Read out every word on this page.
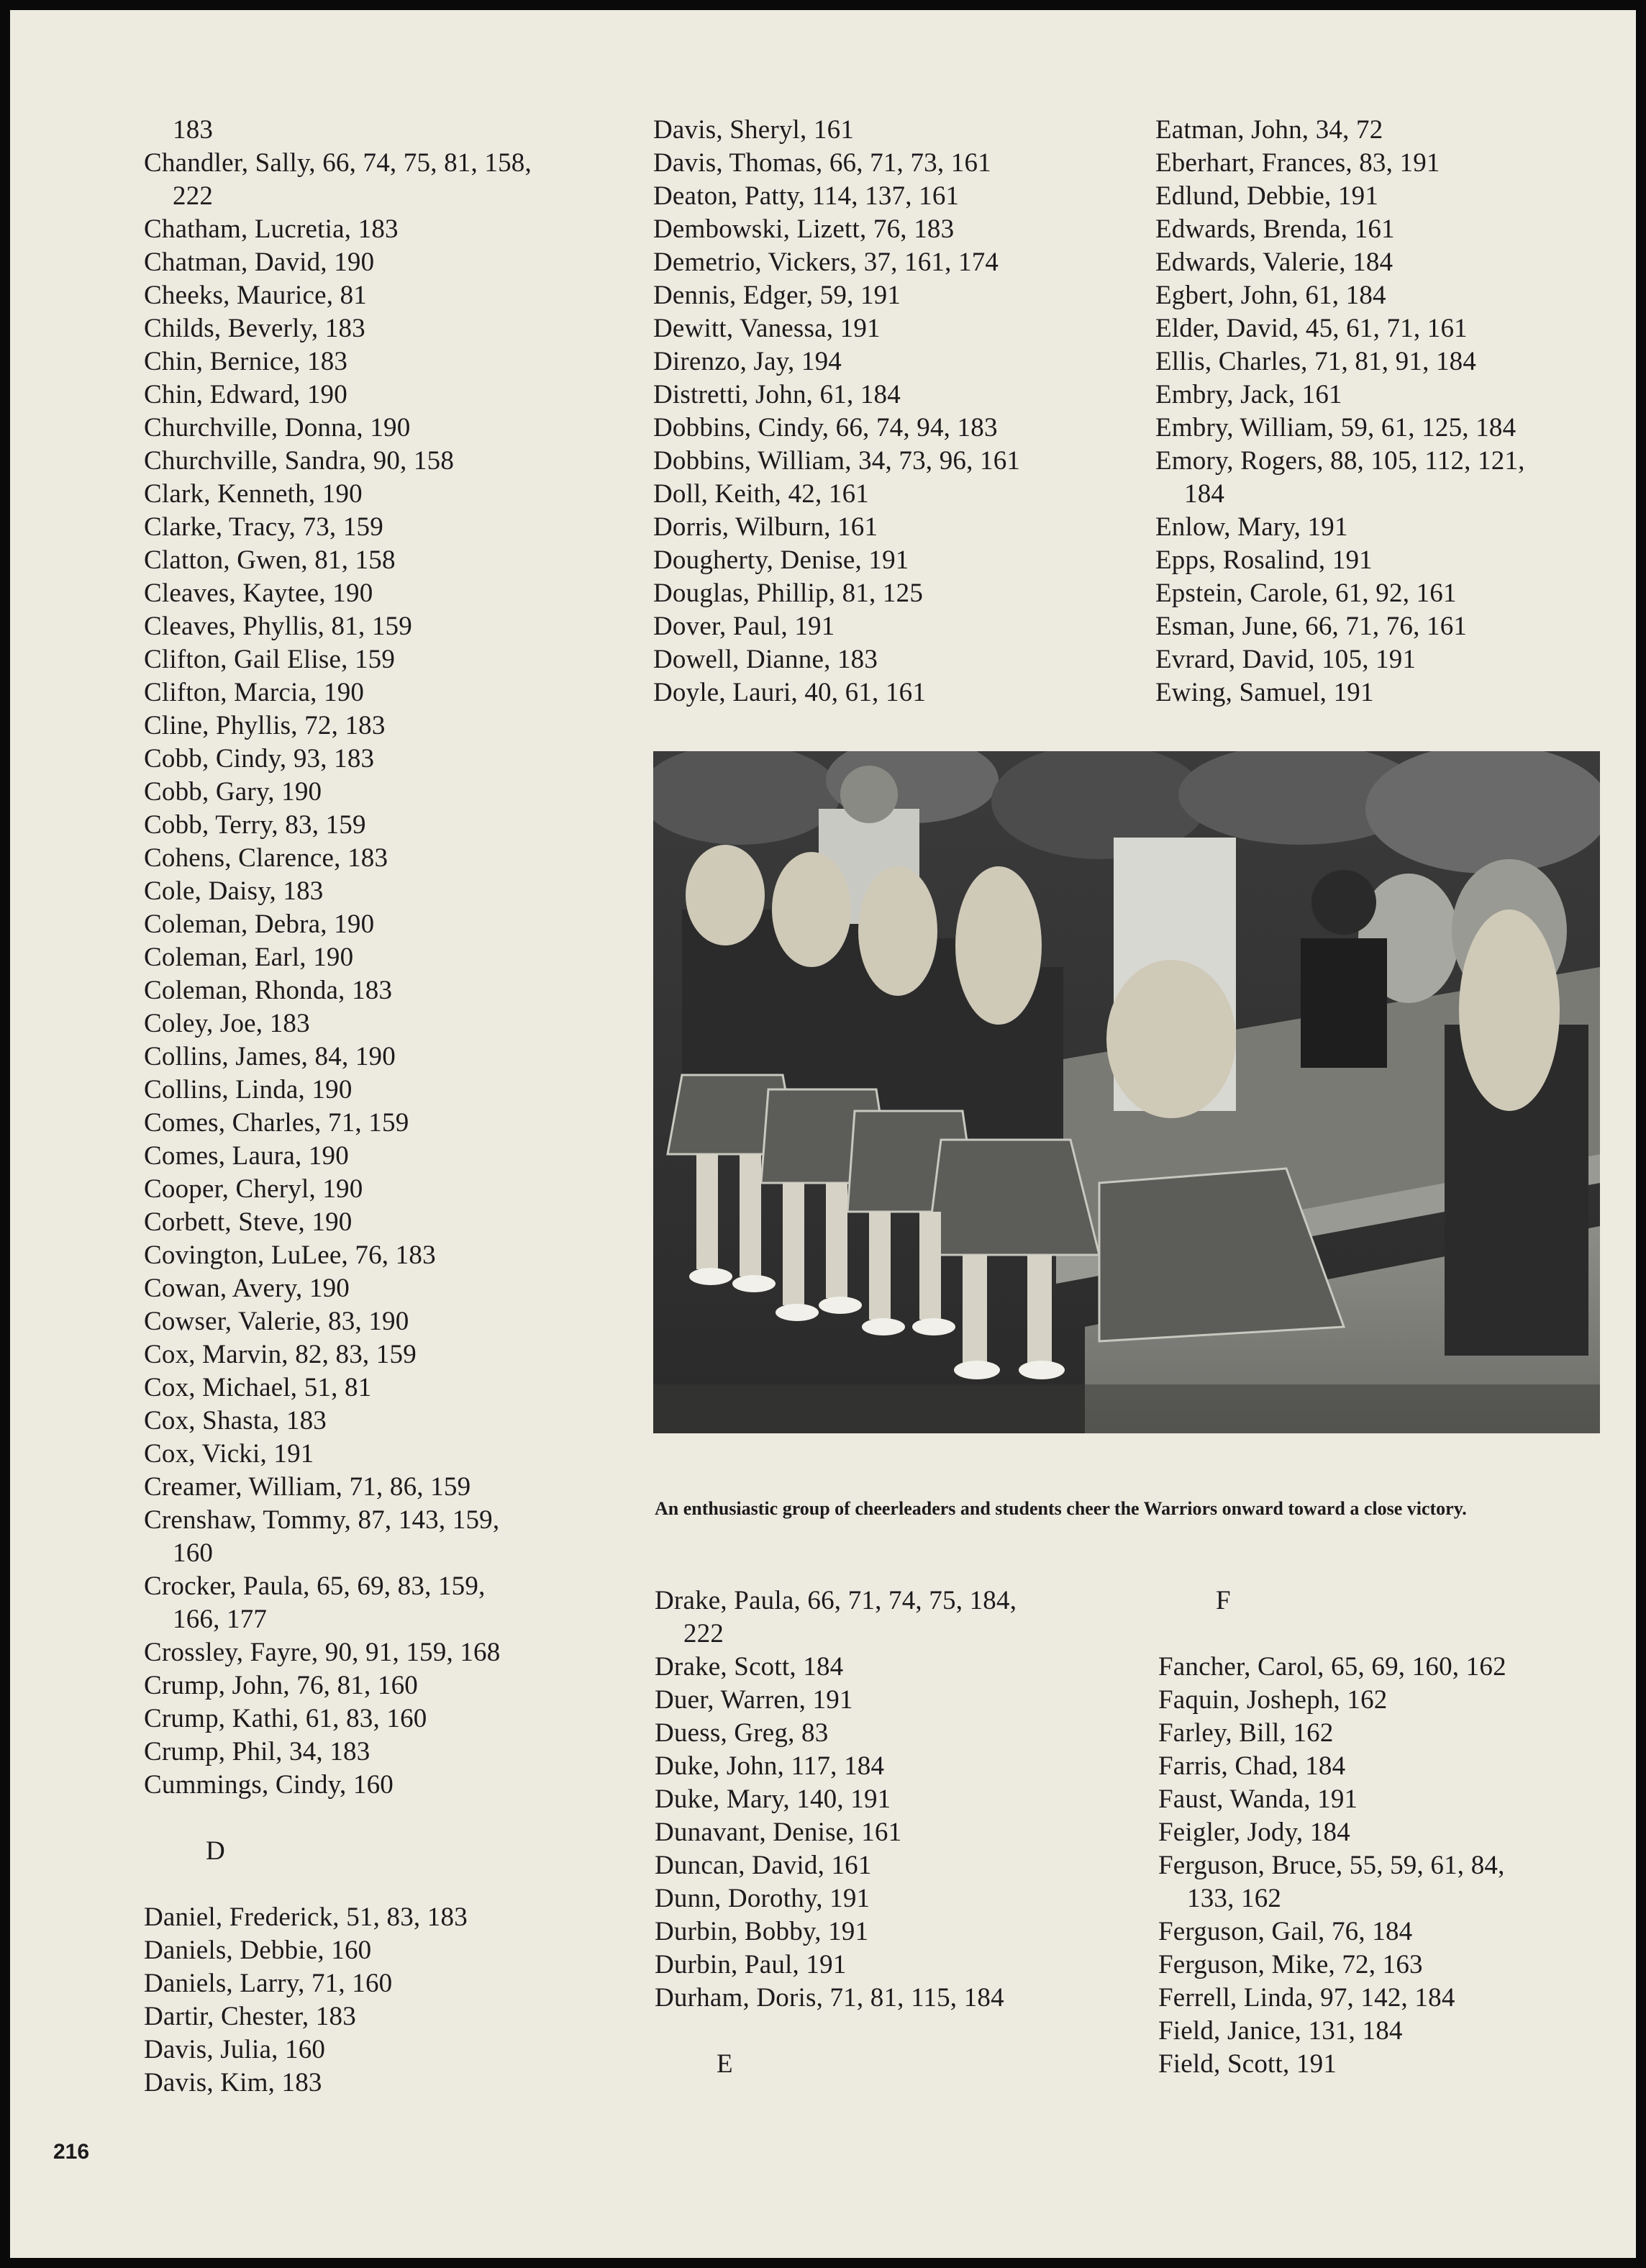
183
Chandler, Sally, 66, 74, 75, 81, 158,
222
Chatham, Lucretia, 183
Chatman, David, 190
Cheeks, Maurice, 81
Childs, Beverly, 183
Chin, Bernice, 183
Chin, Edward, 190
Churchville, Donna, 190
Churchville, Sandra, 90, 158
Clark, Kenneth, 190
Clarke, Tracy, 73, 159
Clatton, Gwen, 81, 158
Cleaves, Kaytee, 190
Cleaves, Phyllis, 81, 159
Clifton, Gail Elise, 159
Clifton, Marcia, 190
Cline, Phyllis, 72, 183
Cobb, Cindy, 93, 183
Cobb, Gary, 190
Cobb, Terry, 83, 159
Cohens, Clarence, 183
Cole, Daisy, 183
Coleman, Debra, 190
Coleman, Earl, 190
Coleman, Rhonda, 183
Coley, Joe, 183
Collins, James, 84, 190
Collins, Linda, 190
Comes, Charles, 71, 159
Comes, Laura, 190
Cooper, Cheryl, 190
Corbett, Steve, 190
Covington, LuLee, 76, 183
Cowan, Avery, 190
Cowser, Valerie, 83, 190
Cox, Marvin, 82, 83, 159
Cox, Michael, 51, 81
Cox, Shasta, 183
Cox, Vicki, 191
Creamer, William, 71, 86, 159
Crenshaw, Tommy, 87, 143, 159,
160
Crocker, Paula, 65, 69, 83, 159,
166, 177
Crossley, Fayre, 90, 91, 159, 168
Crump, John, 76, 81, 160
Crump, Kathi, 61, 83, 160
Crump, Phil, 34, 183
Cummings, Cindy, 160
D
Daniel, Frederick, 51, 83, 183
Daniels, Debbie, 160
Daniels, Larry, 71, 160
Dartir, Chester, 183
Davis, Julia, 160
Davis, Kim, 183
Davis, Sheryl, 161
Davis, Thomas, 66, 71, 73, 161
Deaton, Patty, 114, 137, 161
Dembowski, Lizett, 76, 183
Demetrio, Vickers, 37, 161, 174
Dennis, Edger, 59, 191
Dewitt, Vanessa, 191
Direnzo, Jay, 194
Distretti, John, 61, 184
Dobbins, Cindy, 66, 74, 94, 183
Dobbins, William, 34, 73, 96, 161
Doll, Keith, 42, 161
Dorris, Wilburn, 161
Dougherty, Denise, 191
Douglas, Phillip, 81, 125
Dover, Paul, 191
Dowell, Dianne, 183
Doyle, Lauri, 40, 61, 161
Eatman, John, 34, 72
Eberhart, Frances, 83, 191
Edlund, Debbie, 191
Edwards, Brenda, 161
Edwards, Valerie, 184
Egbert, John, 61, 184
Elder, David, 45, 61, 71, 161
Ellis, Charles, 71, 81, 91, 184
Embry, Jack, 161
Embry, William, 59, 61, 125, 184
Emory, Rogers, 88, 105, 112, 121,
184
Enlow, Mary, 191
Epps, Rosalind, 191
Epstein, Carole, 61, 92, 161
Esman, June, 66, 71, 76, 161
Evrard, David, 105, 191
Ewing, Samuel, 191
An enthusiastic group of cheerleaders and students cheer the Warriors onward toward a close victory.
Drake, Paula, 66, 71, 74, 75, 184,
222
Drake, Scott, 184
Duer, Warren, 191
Duess, Greg, 83
Duke, John, 117, 184
Duke, Mary, 140, 191
Dunavant, Denise, 161
Duncan, David, 161
Dunn, Dorothy, 191
Durbin, Bobby, 191
Durbin, Paul, 191
Durham, Doris, 71, 81, 115, 184
E
F
Fancher, Carol, 65, 69, 160, 162
Faquin, Josheph, 162
Farley, Bill, 162
Farris, Chad, 184
Faust, Wanda, 191
Feigler, Jody, 184
Ferguson, Bruce, 55, 59, 61, 84,
133, 162
Ferguson, Gail, 76, 184
Ferguson, Mike, 72, 163
Ferrell, Linda, 97, 142, 184
Field, Janice, 131, 184
Field, Scott, 191
216
